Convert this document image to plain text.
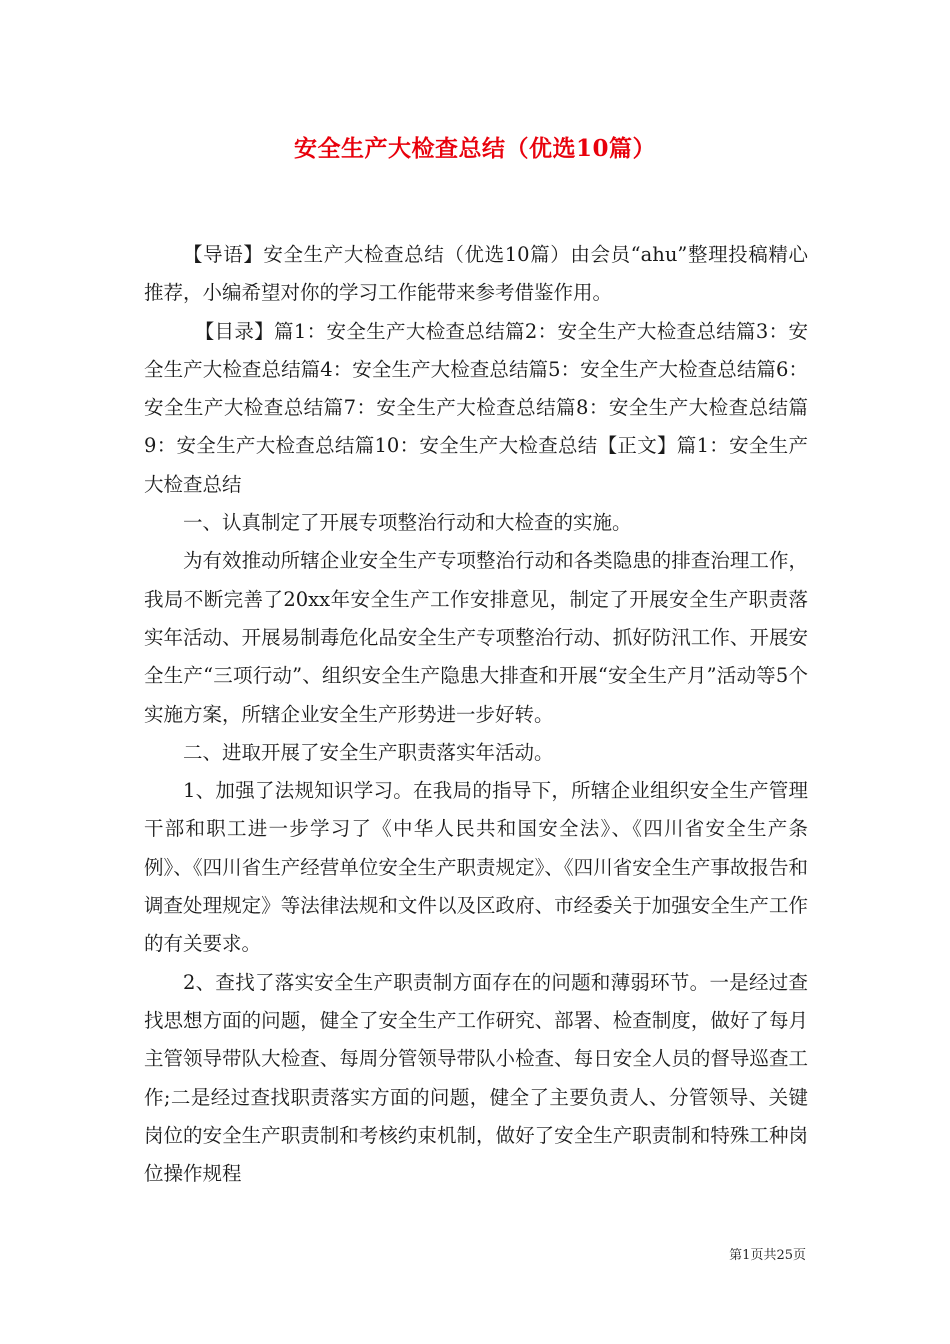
安全生产大检查总结（优选10篇）

【导语】安全生产大检查总结（优选10篇）由会员“ahu”整理投稿精心推荐，小编希望对你的学习工作能带来参考借鉴作用。

【目录】篇1：安全生产大检查总结篇2：安全生产大检查总结篇3：安全生产大检查总结篇4：安全生产大检查总结篇5：安全生产大检查总结篇6：安全生产大检查总结篇7：安全生产大检查总结篇8：安全生产大检查总结篇9：安全生产大检查总结篇10：安全生产大检查总结【正文】篇1：安全生产大检查总结

一、认真制定了开展专项整治行动和大检查的实施。

为有效推动所辖企业安全生产专项整治行动和各类隐患的排查治理工作，我局不断完善了20xx年安全生产工作安排意见，制定了开展安全生产职责落实年活动、开展易制毒危化品安全生产专项整治行动、抓好防汛工作、开展安全生产“三项行动”、组织安全生产隐患大排查和开展“安全生产月”活动等5个实施方案，所辖企业安全生产形势进一步好转。

二、进取开展了安全生产职责落实年活动。

1、加强了法规知识学习。在我局的指导下，所辖企业组织安全生产管理干部和职工进一步学习了《中华人民共和国安全法》、《四川省安全生产条例》、《四川省生产经营单位安全生产职责规定》、《四川省安全生产事故报告和调查处理规定》等法律法规和文件以及区政府、市经委关于加强安全生产工作的有关要求。

2、查找了落实安全生产职责制方面存在的问题和薄弱环节。一是经过查找思想方面的问题，健全了安全生产工作研究、部署、检查制度，做好了每月主管领导带队大检查、每周分管领导带队小检查、每日安全人员的督导巡查工作;二是经过查找职责落实方面的问题，健全了主要负责人、分管领导、关键岗位的安全生产职责制和考核约束机制，做好了安全生产职责制和特殊工种岗位操作规程

第1页共25页
